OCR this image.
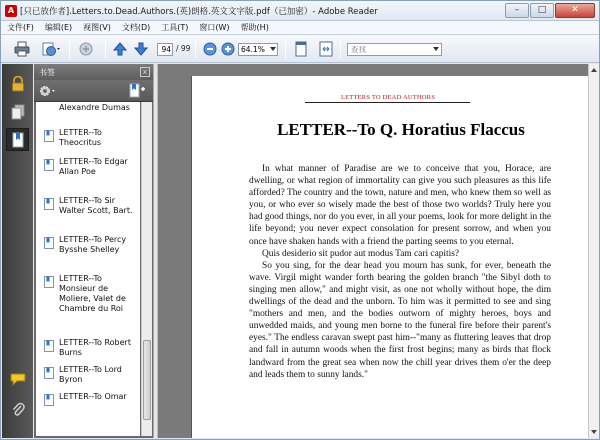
A [只已放作者].Letters.to.Dead.Authors.(英)朗格.英文文字版.pdf（已加密）- Adobe Reader	–	□	✕
文件(F) 编辑(E) 视图(V) 文档(D) 工具(T) 窗口(W) 帮助(H)
94 / 99	64.1%	查找
书签	x
Alexandre Dumas
LETTER--To Theocritus
LETTER--To Edgar Allan Poe
LETTER--To Sir Walter Scott, Bart.
LETTER--To Percy Bysshe Shelley
LETTER--To Monsieur de Moliere, Valet de Chambre du Roi
LETTER--To Robert Burns
LETTER--To Lord Byron
LETTER--To Omar
LETTERS TO DEAD AUTHORS
LETTER--To Q. Horatius Flaccus

In what manner of Paradise are we to conceive that you, Horace, are dwelling, or what region of immortality can give you such pleasures as this life afforded? The country and the town, nature and men, who knew them so well as you, or who ever so wisely made the best of those two worlds? Truly here you had good things, nor do you ever, in all your poems, look for more delight in the life beyond; you never expect consolation for present sorrow, and when you once have shaken hands with a friend the parting seems to you eternal.

Quis desiderio sit pudor aut modus Tam cari capitis?

So you sing, for the dear head you mourn has sunk, for ever, beneath the wave. Virgil might wander forth bearing the golden branch "the Sibyl doth to singing men allow," and might visit, as one not wholly without hope, the dim dwellings of the dead and the unborn. To him was it permitted to see and sing "mothers and men, and the bodies outworn of mighty heroes, boys and unwedded maids, and young men borne to the funeral fire before their parent's eyes." The endless caravan swept past him--"many as fluttering leaves that drop and fall in autumn woods when the first frost begins; many as birds that flock landward from the great sea when now the chill year drives them o'er the deep and leads them to sunny lands."
